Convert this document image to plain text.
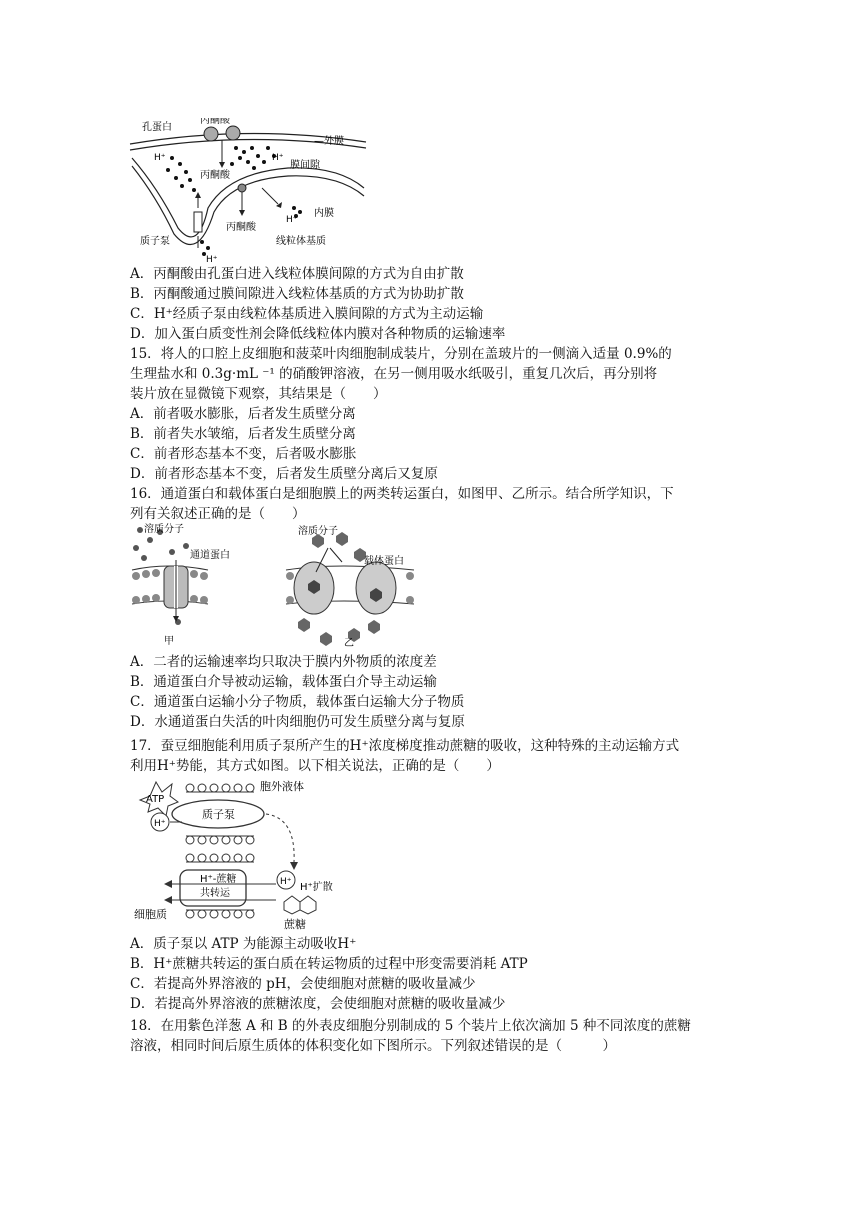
孔蛋白
丙酮酸
—外膜
H⁺	H⁺
膜间隙
丙酮酸
内膜
H⁺
丙酮酸
质子泵	线粒体基质
H⁺
A．丙酮酸由孔蛋白进入线粒体膜间隙的方式为自由扩散
B．丙酮酸通过膜间隙进入线粒体基质的方式为协助扩散
C．H⁺经质子泵由线粒体基质进入膜间隙的方式为主动运输
D．加入蛋白质变性剂会降低线粒体内膜对各种物质的运输速率
15．将人的口腔上皮细胞和菠菜叶肉细胞制成装片，分别在盖玻片的一侧滴入适量 0.9%的
生理盐水和 0.3g·mL ⁻¹ 的硝酸钾溶液，在另一侧用吸水纸吸引，重复几次后，再分别将
装片放在显微镜下观察，其结果是（　　）
A．前者吸水膨胀，后者发生质壁分离
B．前者失水皱缩，后者发生质壁分离
C．前者形态基本不变，后者吸水膨胀
D．前者形态基本不变，后者发生质壁分离后又复原
16．通道蛋白和载体蛋白是细胞膜上的两类转运蛋白，如图甲、乙所示。结合所学知识，下
列有关叙述正确的是（　　）
溶质分子
通道蛋白
甲
溶质分子
载体蛋白
乙
A．二者的运输速率均只取决于膜内外物质的浓度差
B．通道蛋白介导被动运输，载体蛋白介导主动运输
C．通道蛋白运输小分子物质，载体蛋白运输大分子物质
D．水通道蛋白失活的叶肉细胞仍可发生质壁分离与复原
17．蚕豆细胞能利用质子泵所产生的H⁺浓度梯度推动蔗糖的吸收，这种特殊的主动运输方式
利用H⁺势能，其方式如图。以下相关说法，正确的是（　　）
ATP
H⁺
胞外液体
质子泵
H⁺-蔗糖
共转运
H⁺ H⁺扩散
细胞质
蔗糖
A．质子泵以 ATP 为能源主动吸收H⁺
B．H⁺蔗糖共转运的蛋白质在转运物质的过程中形变需要消耗 ATP
C．若提高外界溶液的 pH，会使细胞对蔗糖的吸收量减少
D．若提高外界溶液的蔗糖浓度，会使细胞对蔗糖的吸收量减少
18．在用紫色洋葱 A 和 B 的外表皮细胞分别制成的 5 个装片上依次滴加 5 种不同浓度的蔗糖
溶液，相同时间后原生质体的体积变化如下图所示。下列叙述错误的是（　　　）
